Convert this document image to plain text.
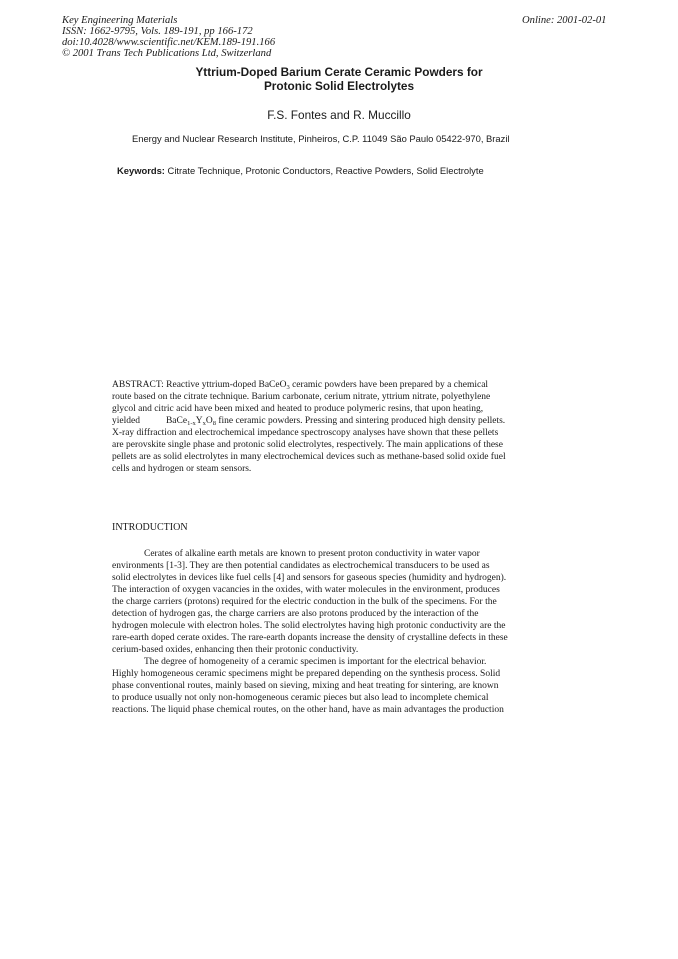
Key Engineering Materials
ISSN: 1662-9795, Vols. 189-191, pp 166-172
doi:10.4028/www.scientific.net/KEM.189-191.166
© 2001 Trans Tech Publications Ltd, Switzerland
Online: 2001-02-01
Yttrium-Doped Barium Cerate Ceramic Powders for
Protonic Solid Electrolytes
F.S. Fontes and R. Muccillo
Energy and Nuclear Research Institute, Pinheiros, C.P. 11049 São Paulo 05422-970, Brazil
Keywords: Citrate Technique, Protonic Conductors, Reactive Powders, Solid Electrolyte
ABSTRACT: Reactive yttrium-doped BaCeO$_3$ ceramic powders have been prepared by a chemical
route based on the citrate technique. Barium carbonate, cerium nitrate, yttrium nitrate, polyethylene
glycol and citric acid have been mixed and heated to produce polymeric resins, that upon heating,
yielded	$BaCe_{1-x}Y_xO_8$ fine ceramic powders. Pressing and sintering produced high density pellets.
X-ray diffraction and electrochemical impedance spectroscopy analyses have shown that these pellets
are perovskite single phase and protonic solid electrolytes, respectively. The main applications of these
pellets are as solid electrolytes in many electrochemical devices such as methane-based solid oxide fuel
cells and hydrogen or steam sensors.
INTRODUCTION
Cerates of alkaline earth metals are known to present proton conductivity in water vapor
environments [1-3]. They are then potential candidates as electrochemical transducers to be used as
solid electrolytes in devices like fuel cells [4] and sensors for gaseous species (humidity and hydrogen).
The interaction of oxygen vacancies in the oxides, with water molecules in the environment, produces
the charge carriers (protons) required for the electric conduction in the bulk of the specimens. For the
detection of hydrogen gas, the charge carriers are also protons produced by the interaction of the
hydrogen molecule with electron holes. The solid electrolytes having high protonic conductivity are the
rare-earth doped cerate oxides. The rare-earth dopants increase the density of crystalline defects in these
cerium-based oxides, enhancing then their protonic conductivity.
The degree of homogeneity of a ceramic specimen is important for the electrical behavior.
Highly homogeneous ceramic specimens might be prepared depending on the synthesis process. Solid
phase conventional routes, mainly based on sieving, mixing and heat treating for sintering, are known
to produce usually not only non-homogeneous ceramic pieces but also lead to incomplete chemical
reactions. The liquid phase chemical routes, on the other hand, have as main advantages the production
